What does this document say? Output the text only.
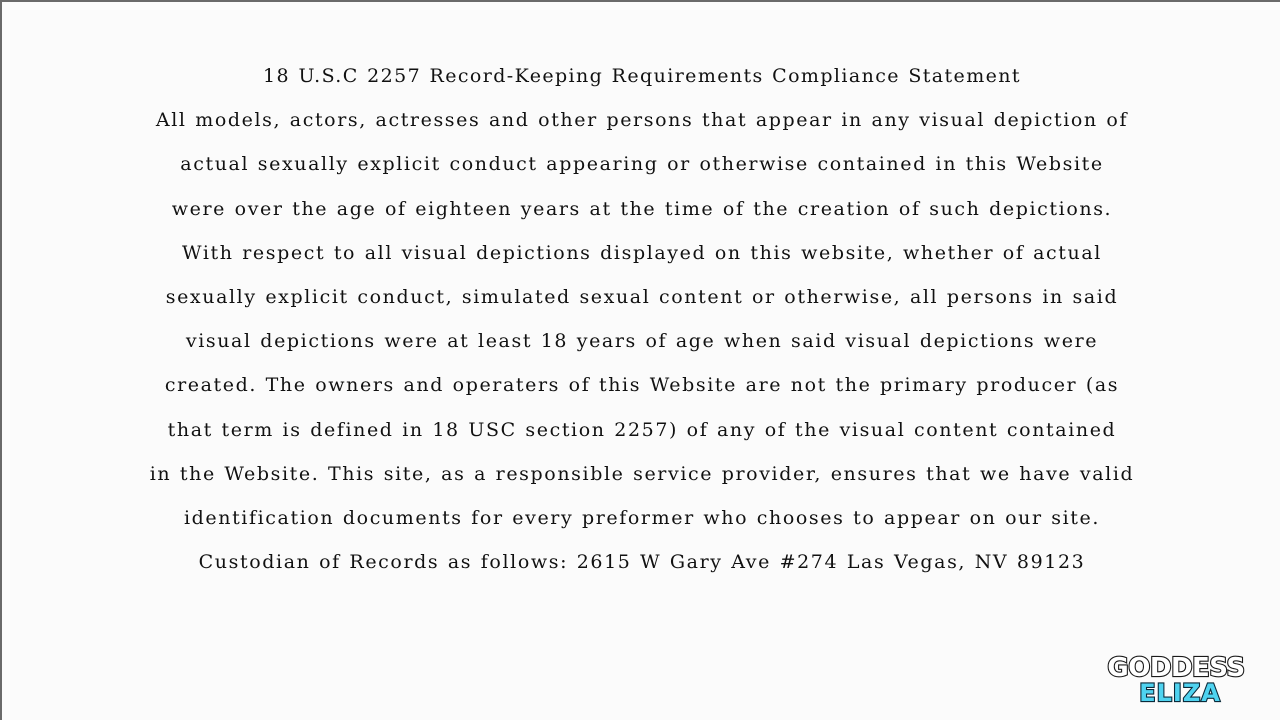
18 U.S.C 2257 Record-Keeping Requirements Compliance Statement
All models, actors, actresses and other persons that appear in any visual depiction of
actual sexually explicit conduct appearing or otherwise contained in this Website
were over the age of eighteen years at the time of the creation of such depictions.
With respect to all visual depictions displayed on this website, whether of actual
sexually explicit conduct, simulated sexual content or otherwise, all persons in said
visual depictions were at least 18 years of age when said visual depictions were
created. The owners and operaters of this Website are not the primary producer (as
that term is defined in 18 USC section 2257) of any of the visual content contained
in the Website. This site, as a responsible service provider, ensures that we have valid
identification documents for every preformer who chooses to appear on our site.
Custodian of Records as follows: 2615 W Gary Ave #274 Las Vegas, NV 89123
GODDESS
ELIZA
